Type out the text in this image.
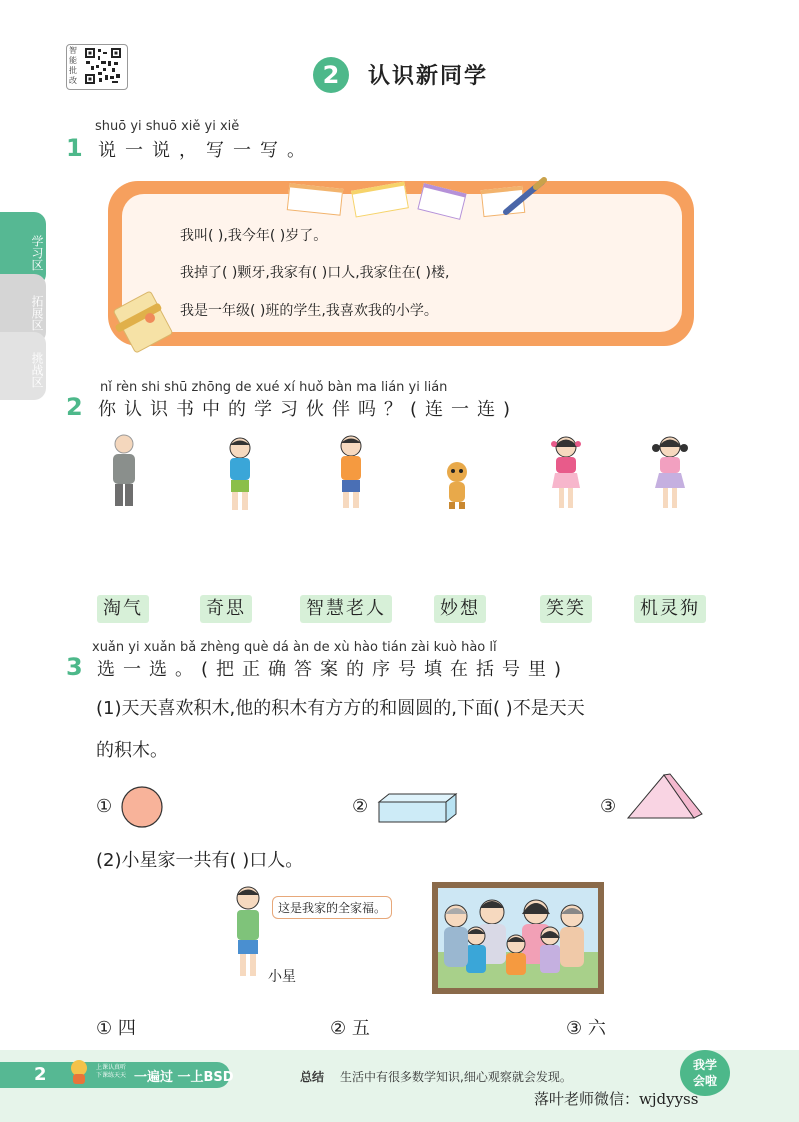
智能批改	2	认识新同学
学习区
拓展区
挑战区
shuō yi shuō xiě yi xiě
1 说一说，写一写。
我叫( ),我今年( )岁了。
我掉了( )颗牙,我家有( )口人,我家住在( )楼,
我是一年级( )班的学生,我喜欢我的小学。
nǐ rèn shi shū zhōng de xué xí huǒ bàn ma lián yi lián
2 你认识书中的学习伙伴吗？(连一连)
淘气	奇思	智慧老人	妙想	笑笑	机灵狗
xuǎn yi xuǎn bǎ zhèng què dá àn de xù hào tián zài kuò hào lǐ
3 选一选。(把正确答案的序号填在括号里)
(1)天天喜欢积木,他的积木有方方的和圆圆的,下面( )不是天天
的积木。
①	②	③
(2)小星家一共有( )口人。
这是我家的全家福。
小星
① 四	② 五	③ 六
2	上课认真听 下课练天天 一遍过 一上BSD	总结 生活中有很多数学知识,细心观察就会发现。
我学
会啦
落叶老师微信：wjdyyss
